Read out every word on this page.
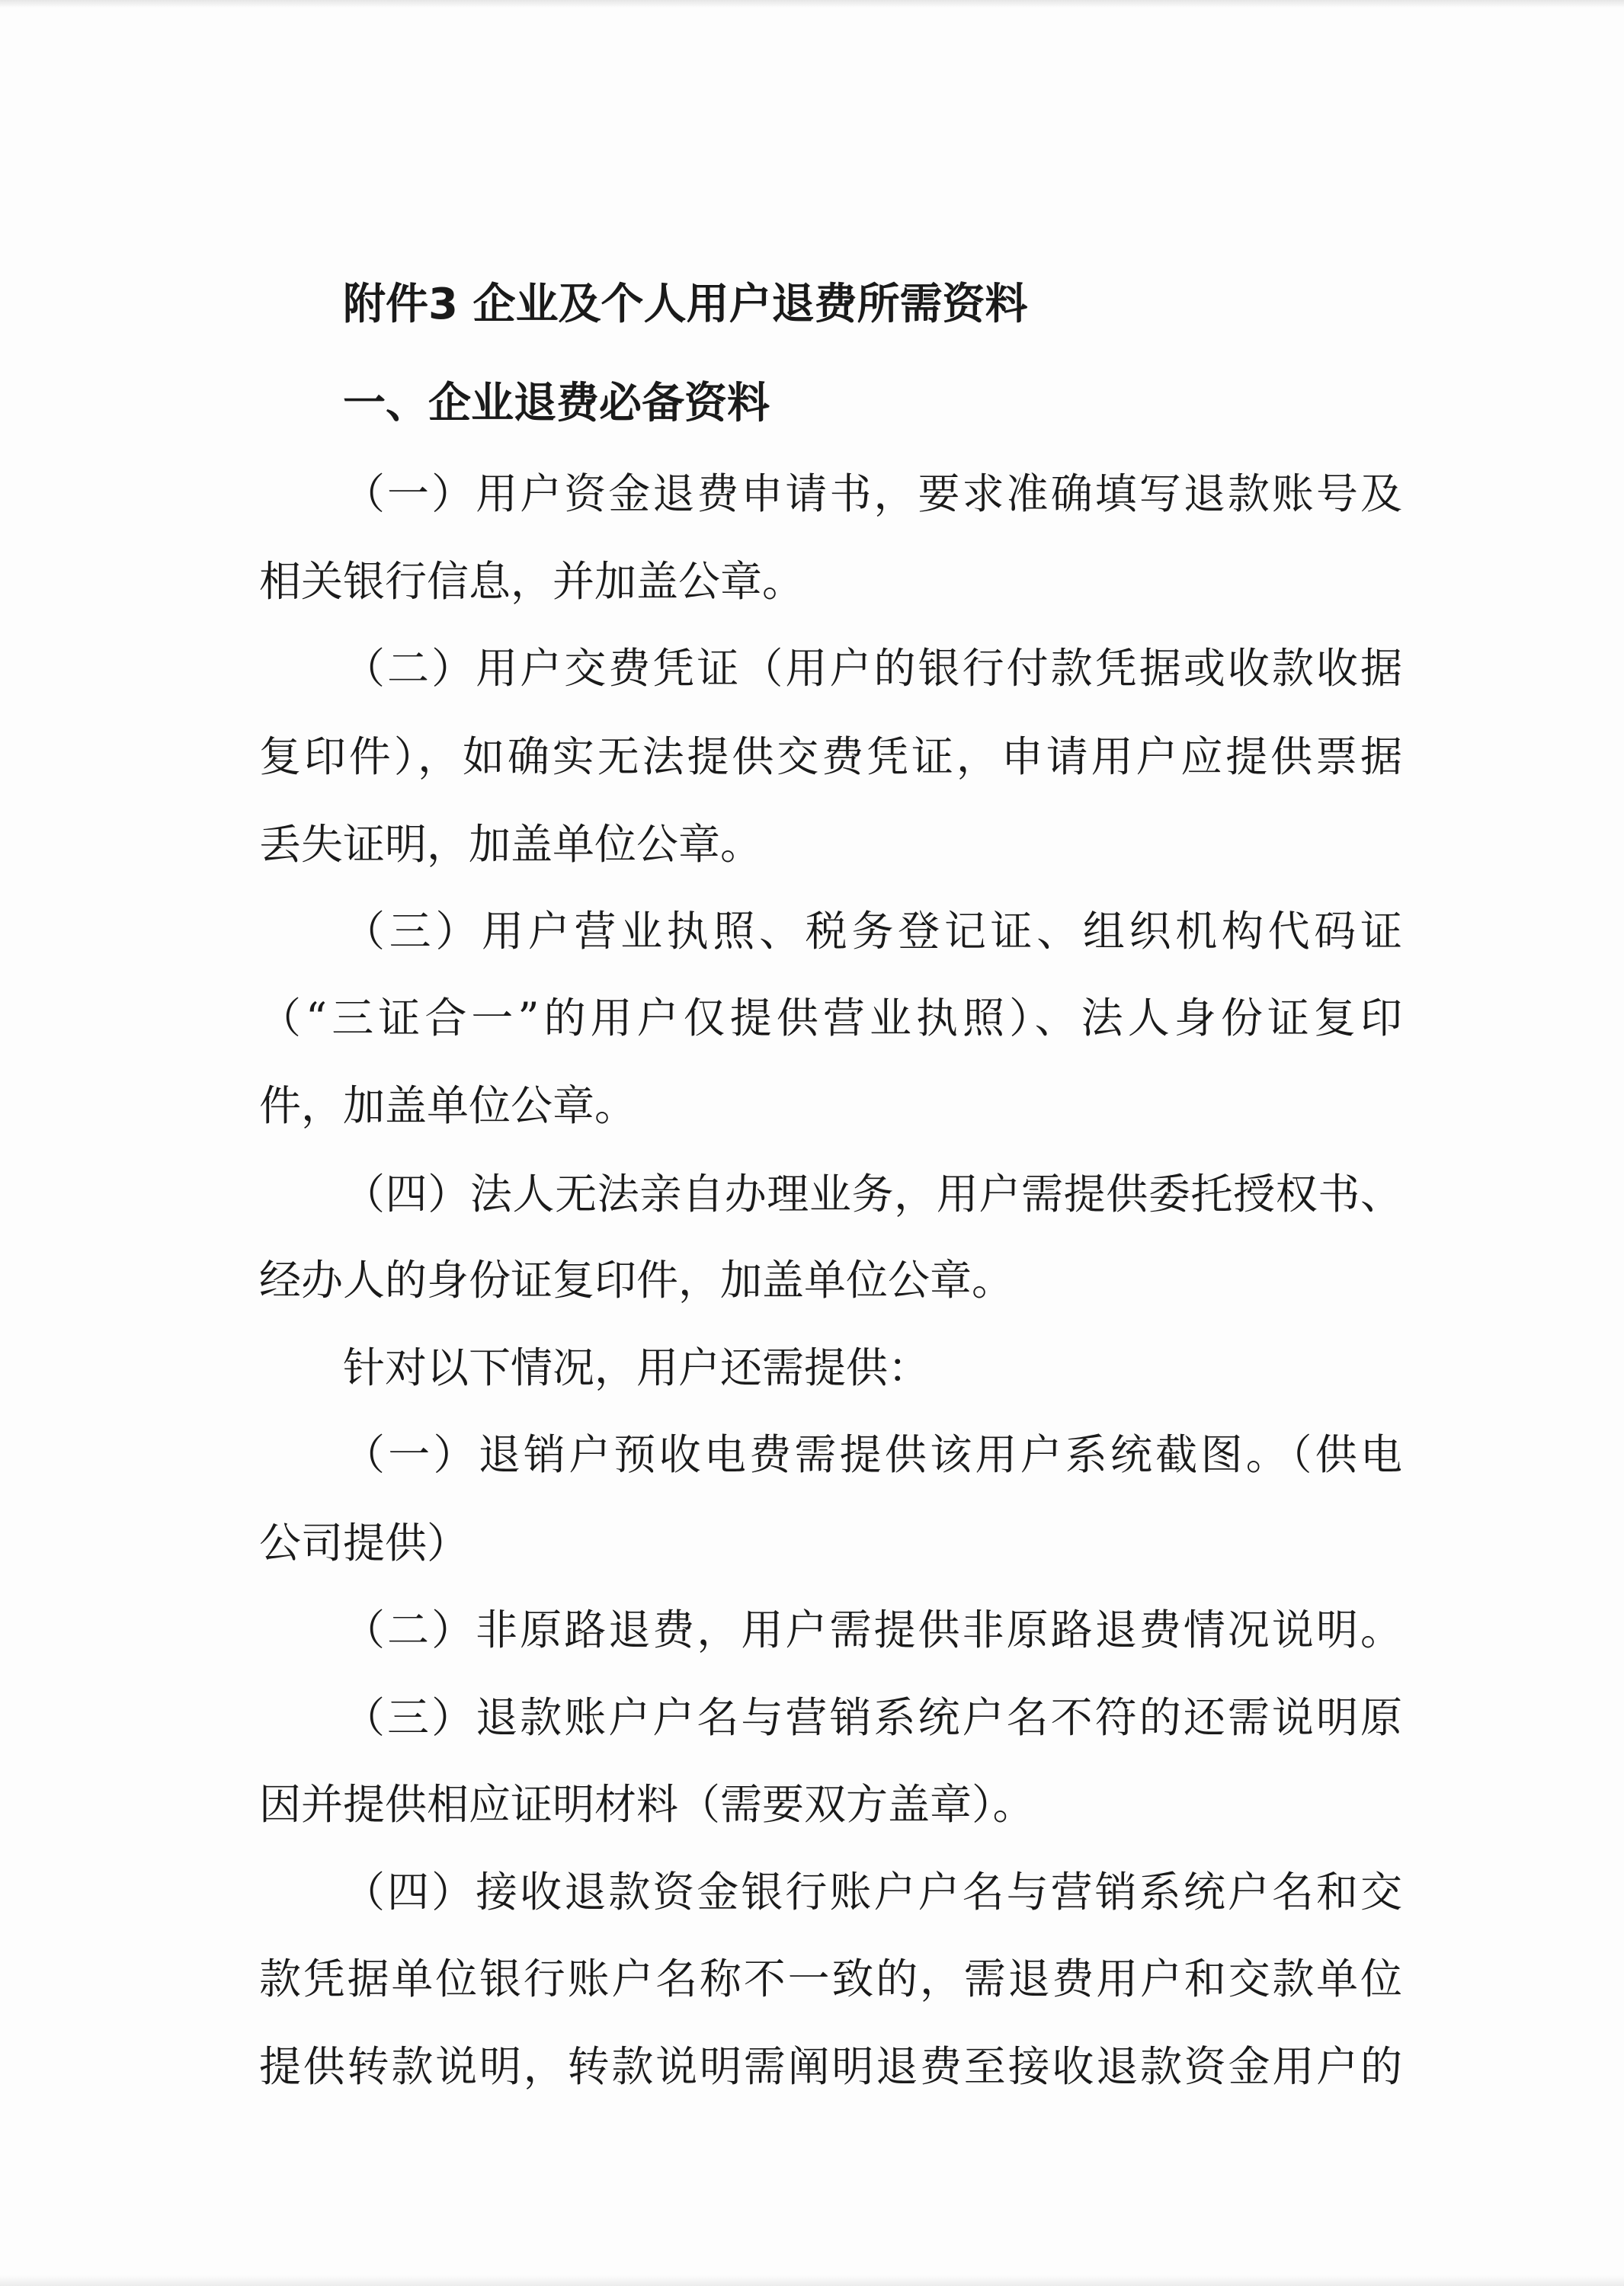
附件3 企业及个人用户退费所需资料
一、企业退费必备资料
（一）用户资金退费申请书，要求准确填写退款账号及
相关银行信息，并加盖公章。
（二）用户交费凭证（用户的银行付款凭据或收款收据
复印件），如确实无法提供交费凭证，申请用户应提供票据
丢失证明，加盖单位公章。
（三）用户营业执照、税务登记证、组织机构代码证
（“三证合一”的用户仅提供营业执照）、法人身份证复印
件，加盖单位公章。
（四）法人无法亲自办理业务，用户需提供委托授权书、
经办人的身份证复印件，加盖单位公章。
针对以下情况，用户还需提供：
（一）退销户预收电费需提供该用户系统截图。（供电
公司提供）
（二）非原路退费，用户需提供非原路退费情况说明。
（三）退款账户户名与营销系统户名不符的还需说明原
因并提供相应证明材料（需要双方盖章）。
（四）接收退款资金银行账户户名与营销系统户名和交
款凭据单位银行账户名称不一致的，需退费用户和交款单位
提供转款说明，转款说明需阐明退费至接收退款资金用户的
